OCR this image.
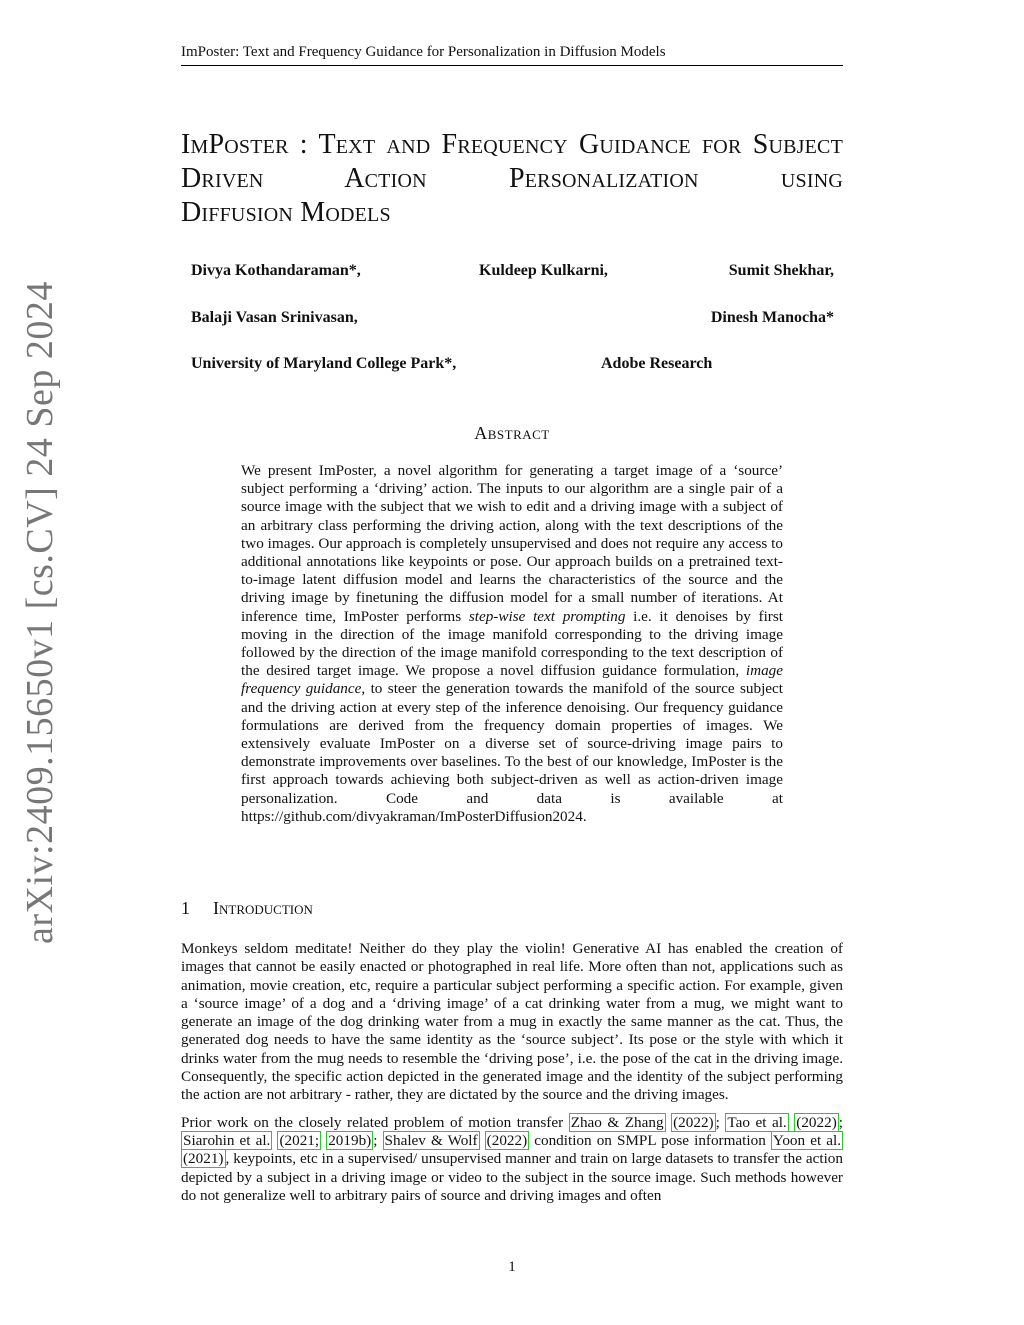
ImPoster: Text and Frequency Guidance for Personalization in Diffusion Models
arXiv:2409.15650v1 [cs.CV] 24 Sep 2024
ImPoster : Text and Frequency Guidance for Subject Driven Action Personalization using
Diffusion Models
Divya Kothandaraman*,	Kuldeep Kulkarni,	Sumit Shekhar,
Balaji Vasan Srinivasan,	Dinesh Manocha*
University of Maryland College Park*,	Adobe Research
Abstract
We present ImPoster, a novel algorithm for generating a target image of a ‘source’ subject performing a ‘driving’ action. The inputs to our algorithm are a single pair of a source image with the subject that we wish to edit and a driving image with a subject of an arbitrary class performing the driving action, along with the text descriptions of the two images. Our approach is completely unsupervised and does not require any access to additional annotations like keypoints or pose. Our approach builds on a pretrained text-to-image latent diffusion model and learns the characteristics of the source and the driving image by finetuning the diffusion model for a small number of iterations. At inference time, ImPoster performs step-wise text prompting i.e. it denoises by first moving in the direction of the image manifold corresponding to the driving image followed by the direction of the image manifold corresponding to the text description of the desired target image. We propose a novel diffusion guidance formulation, image frequency guidance, to steer the generation towards the manifold of the source subject and the driving action at every step of the inference denoising. Our frequency guidance formulations are derived from the frequency domain properties of images. We extensively evaluate ImPoster on a diverse set of source-driving image pairs to demonstrate improvements over baselines. To the best of our knowledge, ImPoster is the first approach towards achieving both subject-driven as well as action-driven image personalization. Code and data is available at https://github.com/divyakraman/ImPosterDiffusion2024.
1 Introduction

Monkeys seldom meditate! Neither do they play the violin! Generative AI has enabled the creation of images that cannot be easily enacted or photographed in real life. More often than not, applications such as animation, movie creation, etc, require a particular subject performing a specific action. For example, given a ‘source image’ of a dog and a ‘driving image’ of a cat drinking water from a mug, we might want to generate an image of the dog drinking water from a mug in exactly the same manner as the cat. Thus, the generated dog needs to have the same identity as the ‘source subject’. Its pose or the style with which it drinks water from the mug needs to resemble the ‘driving pose’, i.e. the pose of the cat in the driving image. Consequently, the specific action depicted in the generated image and the identity of the subject performing the action are not arbitrary - rather, they are dictated by the source and the driving images.

Prior work on the closely related problem of motion transfer Zhao & Zhang (2022) ; Tao et al. (2022) ; Siarohin et al. (2021; 2019b) ; Shalev & Wolf (2022) condition on SMPL pose information Yoon et al. (2021) , keypoints, etc in a supervised/ unsupervised manner and train on large datasets to transfer the action depicted by a subject in a driving image or video to the subject in the source image. Such methods however do not generalize well to arbitrary pairs of source and driving images and often

1
